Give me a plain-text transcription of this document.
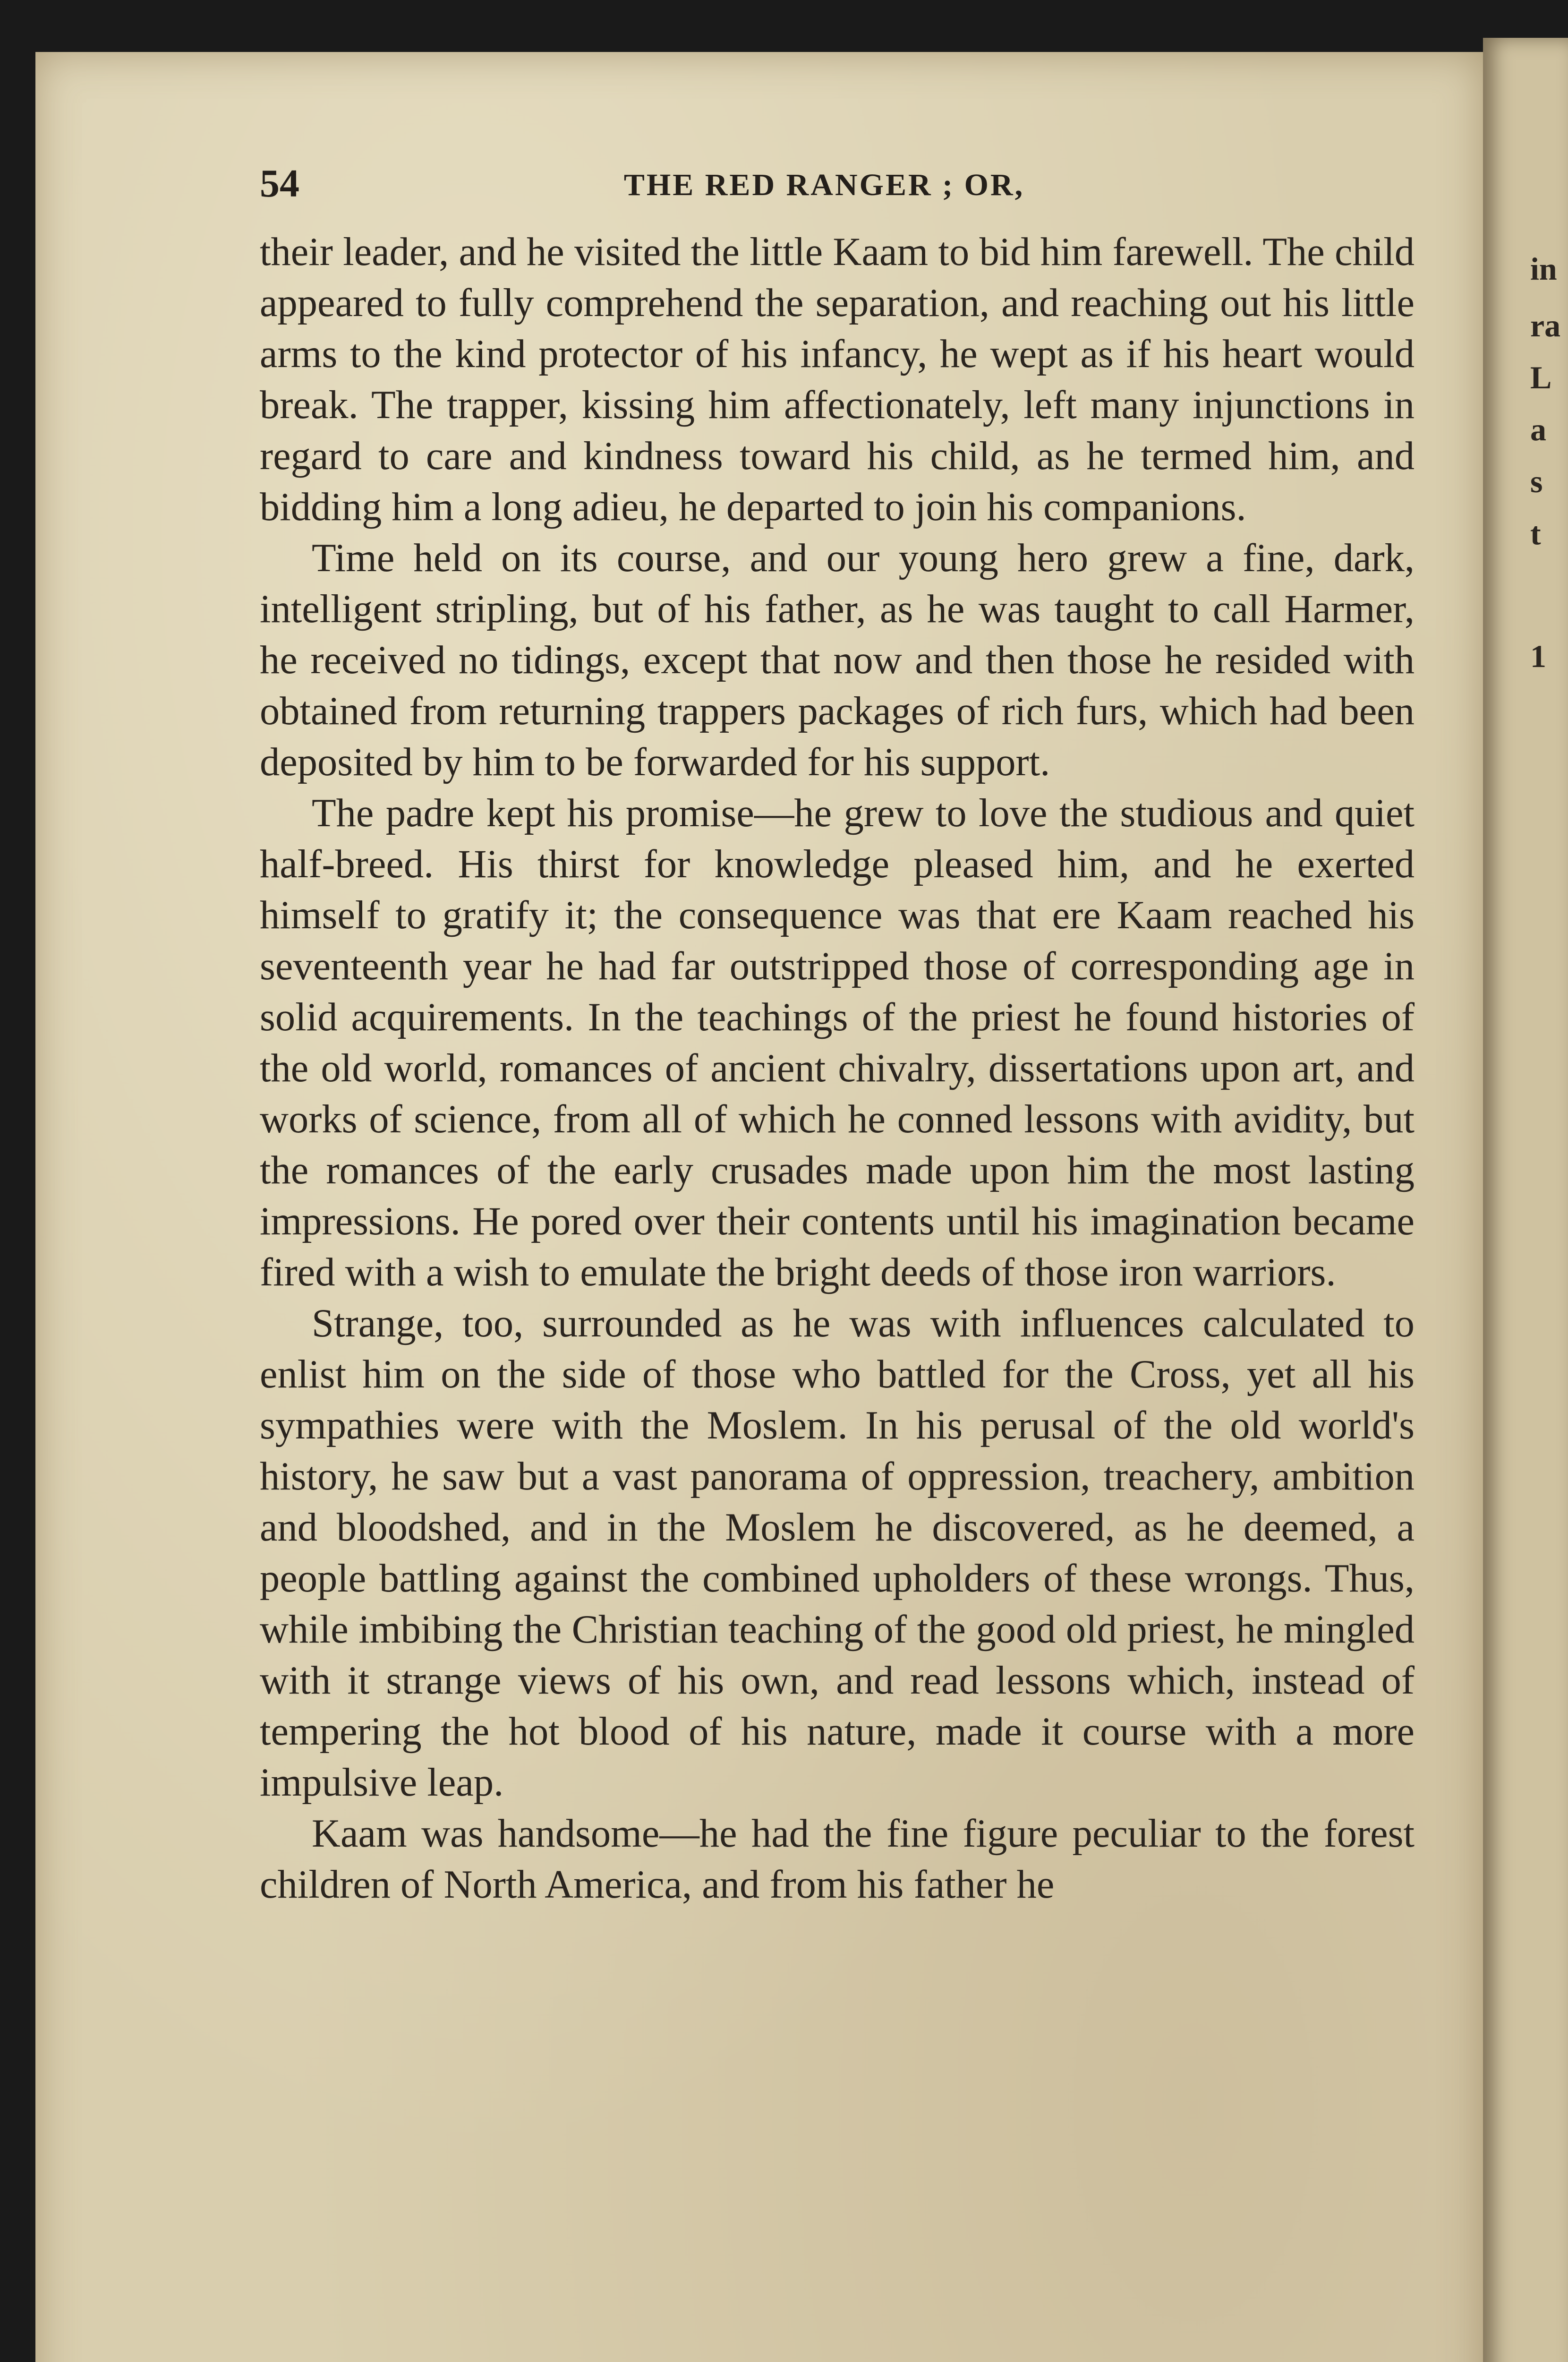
in
ra
L
a
s
t
1
54	THE RED RANGER ; OR,

their leader, and he visited the little Kaam to bid him farewell. The child appeared to fully comprehend the separation, and reaching out his little arms to the kind protector of his infancy, he wept as if his heart would break. The trapper, kissing him affectionately, left many injunctions in regard to care and kindness toward his child, as he termed him, and bidding him a long adieu, he departed to join his companions.

Time held on its course, and our young hero grew a fine, dark, intelligent stripling, but of his father, as he was taught to call Harmer, he received no tidings, except that now and then those he resided with obtained from returning trappers packages of rich furs, which had been deposited by him to be forwarded for his support.

The padre kept his promise—he grew to love the studious and quiet half-breed. His thirst for knowledge pleased him, and he exerted himself to gratify it; the consequence was that ere Kaam reached his seventeenth year he had far outstripped those of corresponding age in solid acquirements. In the teachings of the priest he found histories of the old world, romances of ancient chivalry, dissertations upon art, and works of science, from all of which he conned lessons with avidity, but the romances of the early crusades made upon him the most lasting impressions. He pored over their contents until his imagination became fired with a wish to emulate the bright deeds of those iron warriors.

Strange, too, surrounded as he was with influences calculated to enlist him on the side of those who battled for the Cross, yet all his sympathies were with the Moslem. In his perusal of the old world's history, he saw but a vast panorama of oppression, treachery, ambition and bloodshed, and in the Moslem he discovered, as he deemed, a people battling against the combined upholders of these wrongs. Thus, while imbibing the Christian teaching of the good old priest, he mingled with it strange views of his own, and read lessons which, instead of tempering the hot blood of his nature, made it course with a more impulsive leap.

Kaam was handsome—he had the fine figure peculiar to the forest children of North America, and from his father he
